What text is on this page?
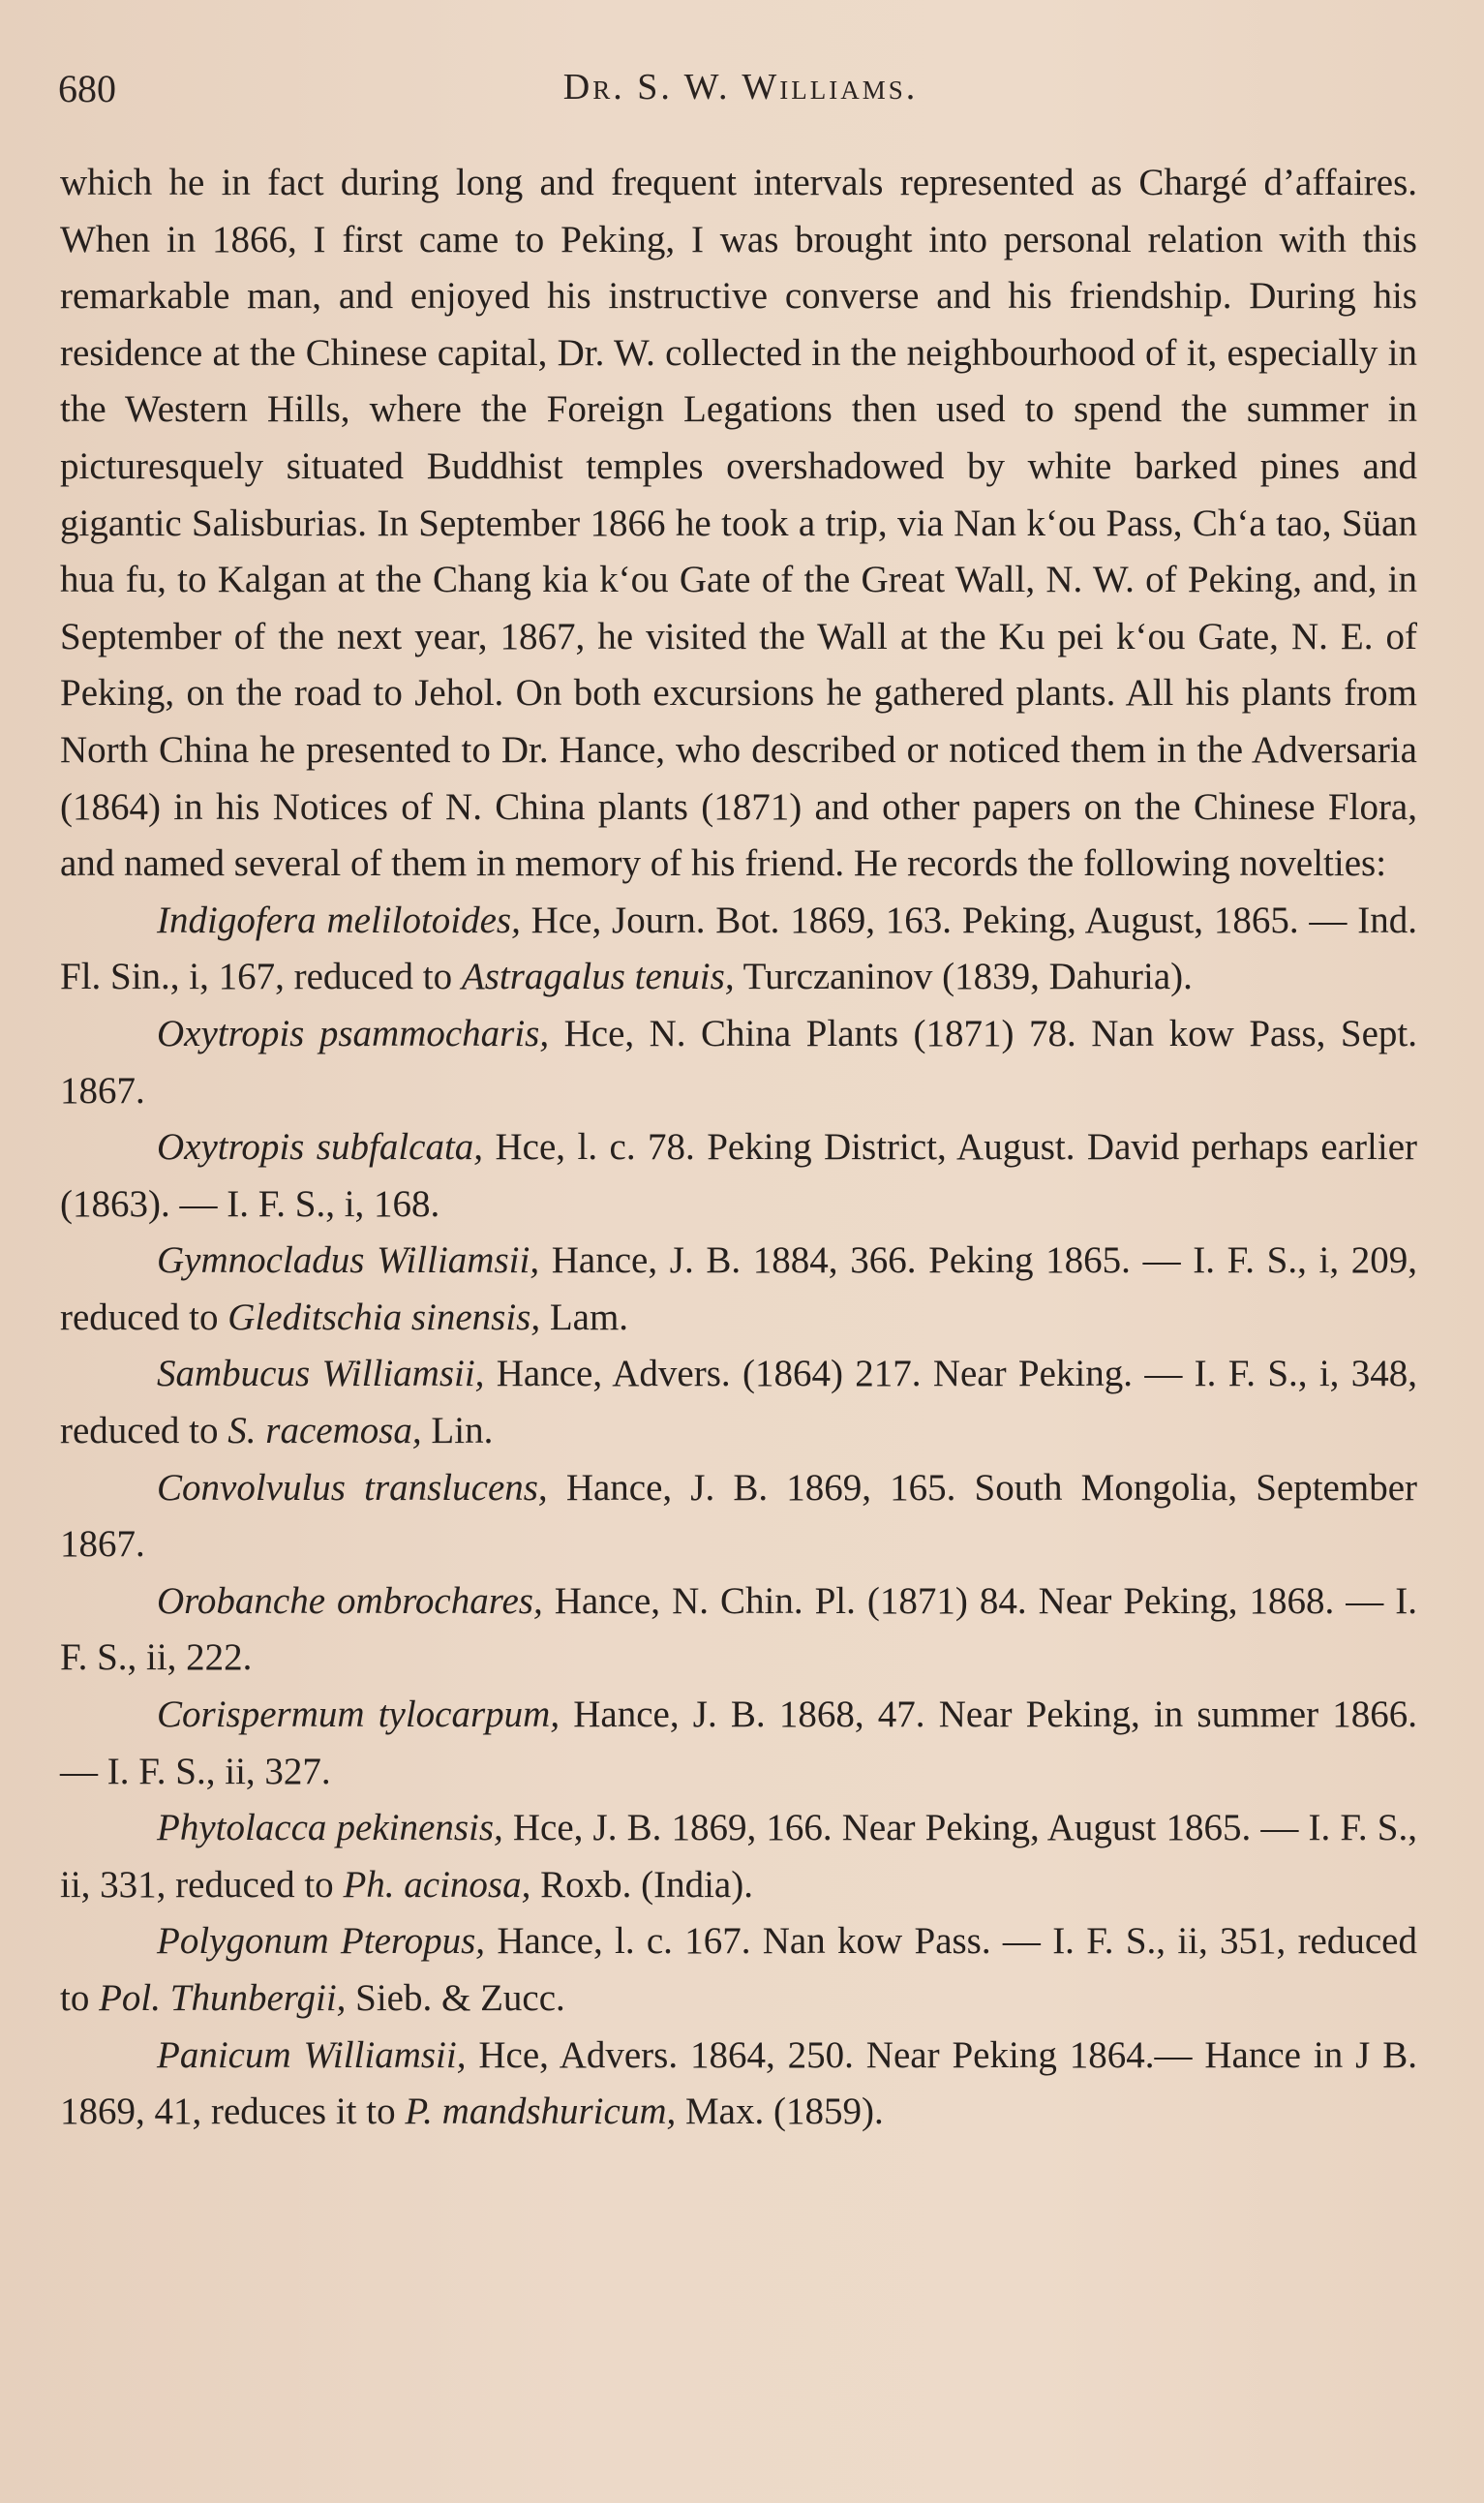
680	Dr. S. W. Williams.

which he in fact during long and frequent intervals represented as Chargé d’affaires. When in 1866, I first came to Peking, I was brought into personal relation with this remarkable man, and enjoyed his instructive converse and his friendship. During his residence at the Chinese capital, Dr. W. collected in the neighbourhood of it, especially in the Western Hills, where the Foreign Legations then used to spend the summer in picturesquely situated Buddhist temples overshadowed by white barked pines and gigantic Salisburias. In September 1866 he took a trip, via Nan kʻou Pass, Chʻa tao, Süan hua fu, to Kalgan at the Chang kia kʻou Gate of the Great Wall, N. W. of Peking, and, in September of the next year, 1867, he visited the Wall at the Ku pei kʻou Gate, N. E. of Peking, on the road to Jehol. On both excursions he gathered plants. All his plants from North China he presented to Dr. Hance, who described or noticed them in the Adversaria (1864) in his Notices of N. China plants (1871) and other papers on the Chinese Flora, and named several of them in memory of his friend. He records the following novelties:

Indigofera melilotoides, Hce, Journ. Bot. 1869, 163. Peking, August, 1865. — Ind. Fl. Sin., i, 167, reduced to Astragalus tenuis, Turczaninov (1839, Dahuria).

Oxytropis psammocharis, Hce, N. China Plants (1871) 78. Nan kow Pass, Sept. 1867.

Oxytropis subfalcata, Hce, l. c. 78. Peking District, August. David perhaps earlier (1863). — I. F. S., i, 168.

Gymnocladus Williamsii, Hance, J. B. 1884, 366. Peking 1865. — I. F. S., i, 209, reduced to Gleditschia sinensis, Lam.

Sambucus Williamsii, Hance, Advers. (1864) 217. Near Peking. — I. F. S., i, 348, reduced to S. racemosa, Lin.

Convolvulus translucens, Hance, J. B. 1869, 165. South Mongolia, September 1867.

Orobanche ombrochares, Hance, N. Chin. Pl. (1871) 84. Near Peking, 1868. — I. F. S., ii, 222.

Corispermum tylocarpum, Hance, J. B. 1868, 47. Near Peking, in summer 1866. — I. F. S., ii, 327.

Phytolacca pekinensis, Hce, J. B. 1869, 166. Near Peking, August 1865. — I. F. S., ii, 331, reduced to Ph. acinosa, Roxb. (India).

Polygonum Pteropus, Hance, l. c. 167. Nan kow Pass. — I. F. S., ii, 351, reduced to Pol. Thunbergii, Sieb. & Zucc.

Panicum Williamsii, Hce, Advers. 1864, 250. Near Peking 1864.— Hance in J B. 1869, 41, reduces it to P. mandshuricum, Max. (1859).
